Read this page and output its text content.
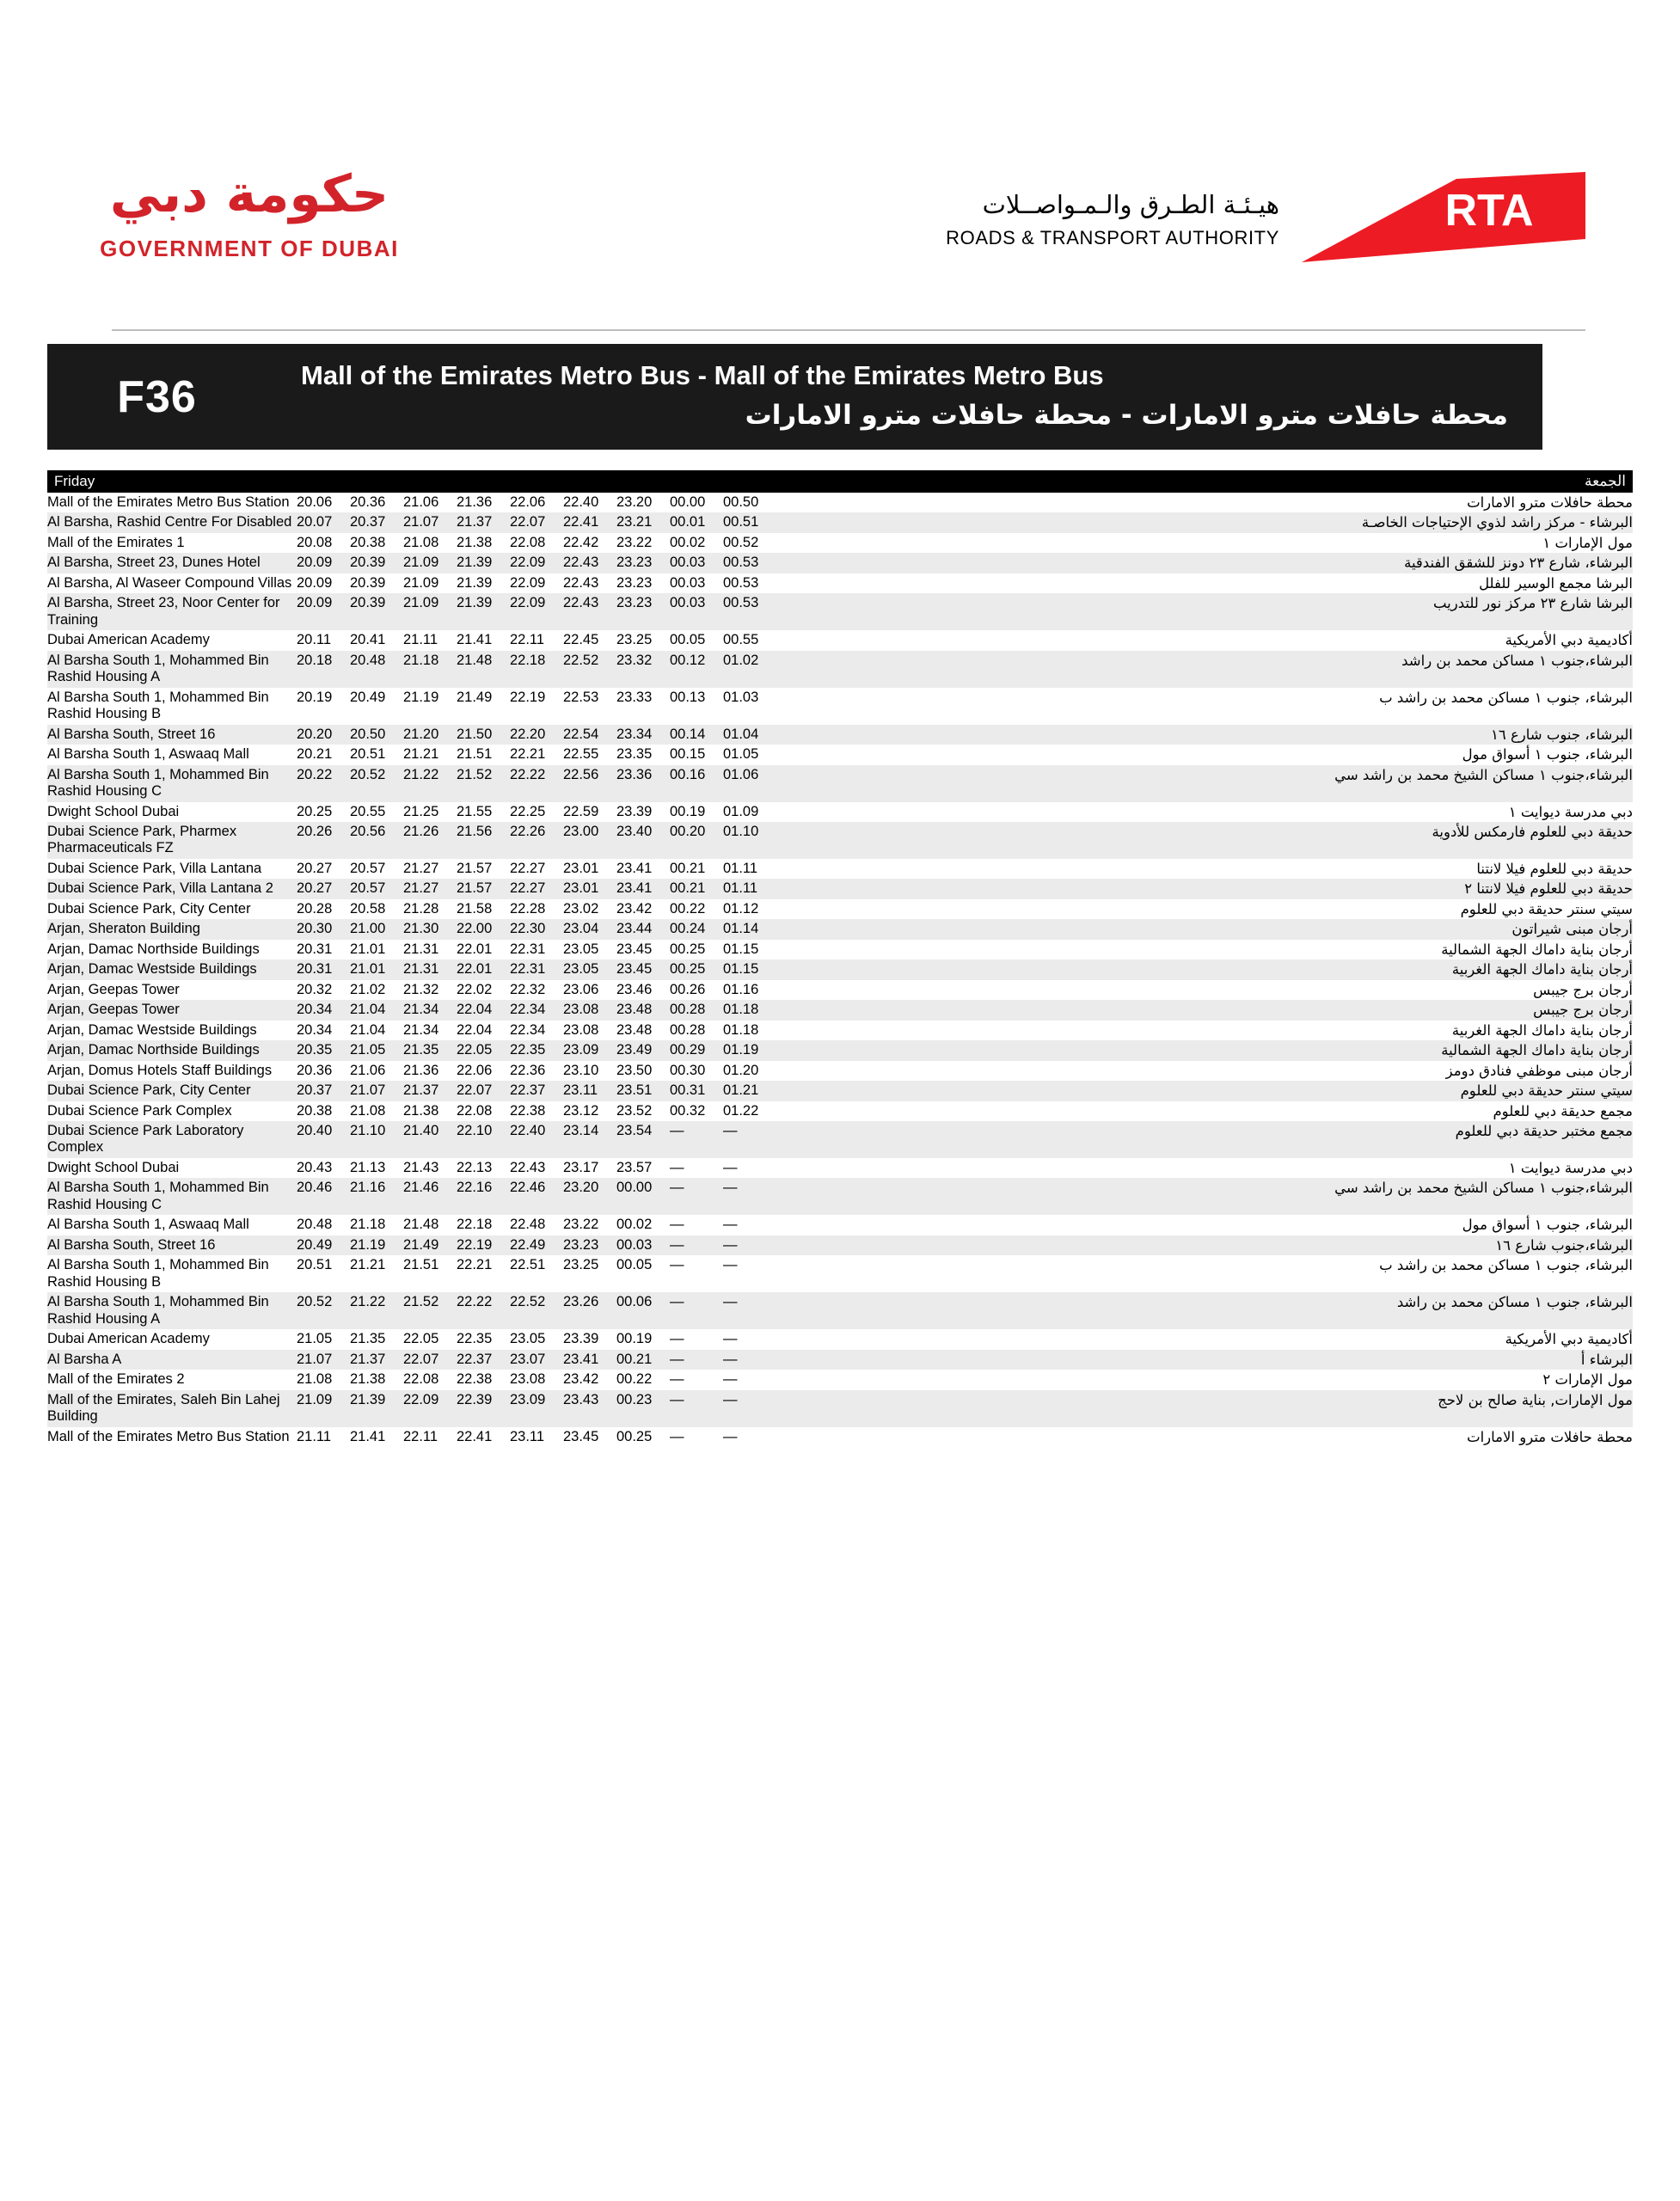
حكومة دبي
GOVERNMENT OF DUBAI
هيـئـة الطـرق والـمـواصــلات
ROADS & TRANSPORT AUTHORITY
RTA
F36	Mall of the Emirates Metro Bus - Mall of the Emirates Metro Bus
محطة حافلات مترو الامارات - محطة حافلات مترو الامارات
Friday	الجمعة
Mall of the Emirates Metro Bus Station	20.06	20.36	21.06	21.36	22.06	22.40	23.20	00.00	00.50		محطة حافلات مترو الامارات
Al Barsha, Rashid Centre For Disabled	20.07	20.37	21.07	21.37	22.07	22.41	23.21	00.01	00.51		البرشاء - مركز راشد لذوي الإحتياجات الخاصـة
Mall of the Emirates 1	20.08	20.38	21.08	21.38	22.08	22.42	23.22	00.02	00.52		مول الإمارات ١
Al Barsha, Street 23, Dunes Hotel	20.09	20.39	21.09	21.39	22.09	22.43	23.23	00.03	00.53		البرشاء، شارع ٢٣ دونز للشقق الفندقية
Al Barsha, Al Waseer Compound Villas	20.09	20.39	21.09	21.39	22.09	22.43	23.23	00.03	00.53		البرشا مجمع الوسير للفلل
Al Barsha, Street 23, Noor Center for Training	20.09	20.39	21.09	21.39	22.09	22.43	23.23	00.03	00.53		البرشا شارع ٢٣ مركز نور للتدريب
Dubai American Academy	20.11	20.41	21.11	21.41	22.11	22.45	23.25	00.05	00.55		أكاديمية دبي الأمريكية
Al Barsha South 1, Mohammed Bin Rashid Housing A	20.18	20.48	21.18	21.48	22.18	22.52	23.32	00.12	01.02		البرشاء،جنوب ١ مساكن محمد بن راشد
Al Barsha South 1, Mohammed Bin Rashid Housing B	20.19	20.49	21.19	21.49	22.19	22.53	23.33	00.13	01.03		البرشاء، جنوب ١ مساكن محمد بن راشد ب
Al Barsha South, Street 16	20.20	20.50	21.20	21.50	22.20	22.54	23.34	00.14	01.04		البرشاء، جنوب شارع ١٦
Al Barsha South 1, Aswaaq Mall	20.21	20.51	21.21	21.51	22.21	22.55	23.35	00.15	01.05		البرشاء، جنوب ١ أسواق مول
Al Barsha South 1, Mohammed Bin Rashid Housing C	20.22	20.52	21.22	21.52	22.22	22.56	23.36	00.16	01.06		البرشاء،جنوب ١ مساكن الشيخ محمد بن راشد سي
Dwight School Dubai	20.25	20.55	21.25	21.55	22.25	22.59	23.39	00.19	01.09		دبي مدرسة ديوايت ١
Dubai Science Park, Pharmex Pharmaceuticals FZ	20.26	20.56	21.26	21.56	22.26	23.00	23.40	00.20	01.10		حديقة دبي للعلوم فارمكس للأدوية
Dubai Science Park, Villa Lantana	20.27	20.57	21.27	21.57	22.27	23.01	23.41	00.21	01.11		حديقة دبي للعلوم فيلا لانتنا
Dubai Science Park, Villa Lantana 2	20.27	20.57	21.27	21.57	22.27	23.01	23.41	00.21	01.11		حديقة دبي للعلوم فيلا لانتنا ٢
Dubai Science Park, City Center	20.28	20.58	21.28	21.58	22.28	23.02	23.42	00.22	01.12		سيتي سنتر حديقة دبي للعلوم
Arjan, Sheraton Building	20.30	21.00	21.30	22.00	22.30	23.04	23.44	00.24	01.14		أرجان مبنى شيراتون
Arjan, Damac Northside Buildings	20.31	21.01	21.31	22.01	22.31	23.05	23.45	00.25	01.15		أرجان بناية داماك الجهة الشمالية
Arjan, Damac Westside Buildings	20.31	21.01	21.31	22.01	22.31	23.05	23.45	00.25	01.15		أرجان بناية داماك الجهة الغربية
Arjan, Geepas Tower	20.32	21.02	21.32	22.02	22.32	23.06	23.46	00.26	01.16		أرجان برج جيبس
Arjan, Geepas Tower	20.34	21.04	21.34	22.04	22.34	23.08	23.48	00.28	01.18		أرجان برج جيبس
Arjan, Damac Westside Buildings	20.34	21.04	21.34	22.04	22.34	23.08	23.48	00.28	01.18		أرجان بناية داماك الجهة الغربية
Arjan, Damac Northside Buildings	20.35	21.05	21.35	22.05	22.35	23.09	23.49	00.29	01.19		أرجان بناية داماك الجهة الشمالية
Arjan, Domus Hotels Staff Buildings	20.36	21.06	21.36	22.06	22.36	23.10	23.50	00.30	01.20		أرجان مبنى موظفي فنادق دومز
Dubai Science Park, City Center	20.37	21.07	21.37	22.07	22.37	23.11	23.51	00.31	01.21		سيتي سنتر حديقة دبي للعلوم
Dubai Science Park Complex	20.38	21.08	21.38	22.08	22.38	23.12	23.52	00.32	01.22		مجمع حديقة دبي للعلوم
Dubai Science Park Laboratory Complex	20.40	21.10	21.40	22.10	22.40	23.14	23.54	—	—		مجمع مختبر حديقة دبي للعلوم
Dwight School Dubai	20.43	21.13	21.43	22.13	22.43	23.17	23.57	—	—		دبي مدرسة ديوايت ١
Al Barsha South 1, Mohammed Bin Rashid Housing C	20.46	21.16	21.46	22.16	22.46	23.20	00.00	—	—		البرشاء،جنوب ١ مساكن الشيخ محمد بن راشد سي
Al Barsha South 1, Aswaaq Mall	20.48	21.18	21.48	22.18	22.48	23.22	00.02	—	—		البرشاء، جنوب ١ أسواق مول
Al Barsha South, Street 16	20.49	21.19	21.49	22.19	22.49	23.23	00.03	—	—		البرشاء،جنوب شارع ١٦
Al Barsha South 1, Mohammed Bin Rashid Housing B	20.51	21.21	21.51	22.21	22.51	23.25	00.05	—	—		البرشاء، جنوب ١ مساكن محمد بن راشد ب
Al Barsha South 1, Mohammed Bin Rashid Housing A	20.52	21.22	21.52	22.22	22.52	23.26	00.06	—	—		البرشاء، جنوب ١ مساكن محمد بن راشد
Dubai American Academy	21.05	21.35	22.05	22.35	23.05	23.39	00.19	—	—		أكاديمية دبي الأمريكية
Al Barsha A	21.07	21.37	22.07	22.37	23.07	23.41	00.21	—	—		البرشاء أ
Mall of the Emirates 2	21.08	21.38	22.08	22.38	23.08	23.42	00.22	—	—		مول الإمارات ٢
Mall of the Emirates, Saleh Bin Lahej Building	21.09	21.39	22.09	22.39	23.09	23.43	00.23	—	—		مول الإمارات, بناية صالح بن لاحج
Mall of the Emirates Metro Bus Station	21.11	21.41	22.11	22.41	23.11	23.45	00.25	—	—		محطة حافلات مترو الامارات
